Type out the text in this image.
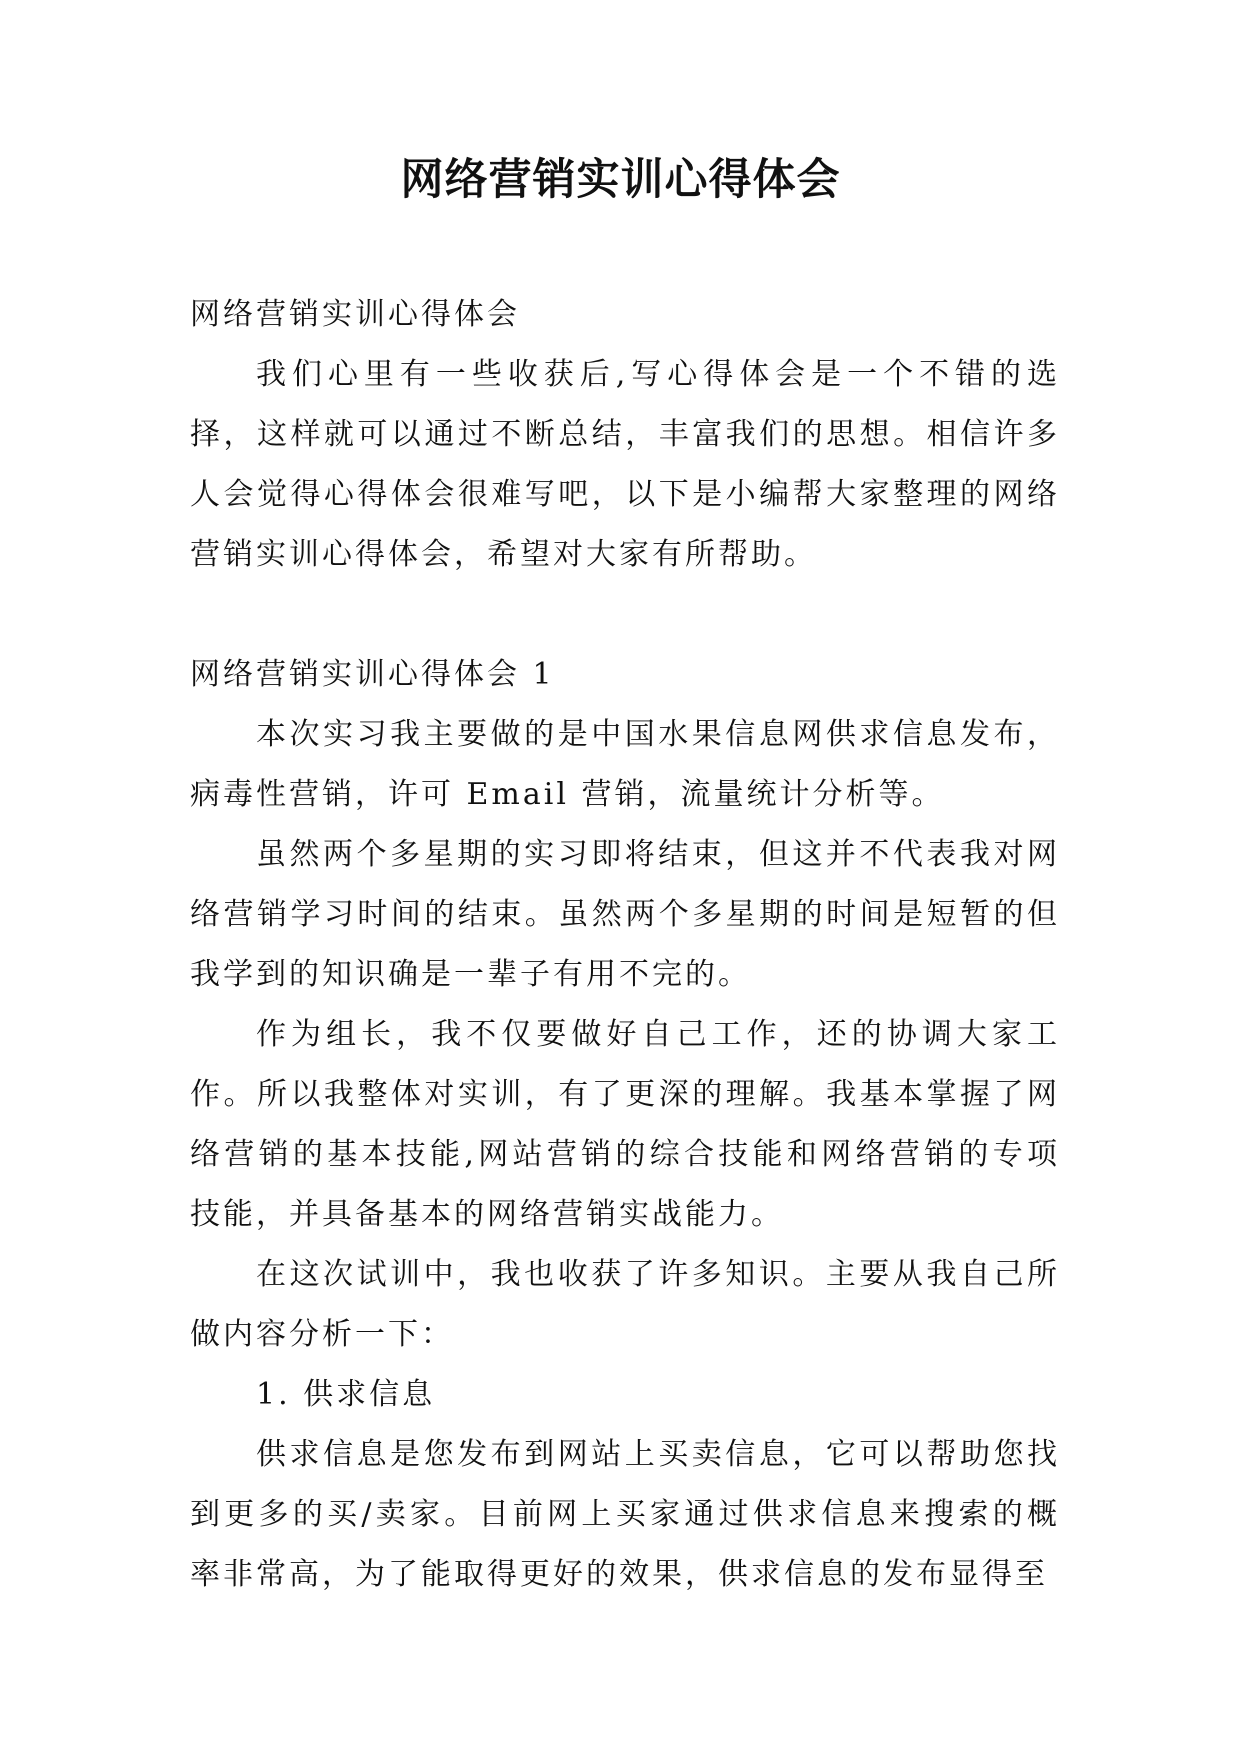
网络营销实训心得体会

网络营销实训心得体会

我们心里有一些收获后,写心得体会是一个不错的选择，这样就可以通过不断总结，丰富我们的思想。相信许多人会觉得心得体会很难写吧，以下是小编帮大家整理的网络营销实训心得体会，希望对大家有所帮助。

网络营销实训心得体会 1

本次实习我主要做的是中国水果信息网供求信息发布，病毒性营销，许可 Email 营销，流量统计分析等。

虽然两个多星期的实习即将结束，但这并不代表我对网络营销学习时间的结束。虽然两个多星期的时间是短暂的但我学到的知识确是一辈子有用不完的。

作为组长，我不仅要做好自己工作，还的协调大家工作。所以我整体对实训，有了更深的理解。我基本掌握了网络营销的基本技能,网站营销的综合技能和网络营销的专项技能，并具备基本的网络营销实战能力。

在这次试训中，我也收获了许多知识。主要从我自己所做内容分析一下：

1. 供求信息

供求信息是您发布到网站上买卖信息，它可以帮助您找到更多的买/卖家。目前网上买家通过供求信息来搜索的概率非常高，为了能取得更好的效果，供求信息的发布显得至
